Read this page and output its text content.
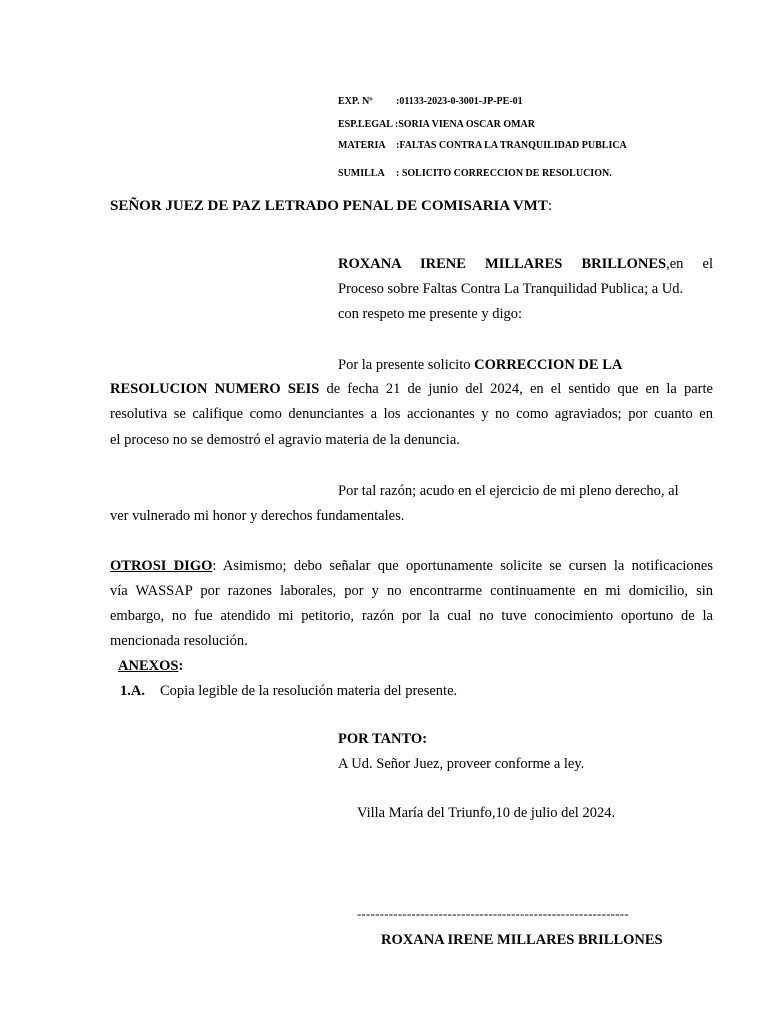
EXP. Nº :01133-2023-0-3001-JP-PE-01
ESP.LEGAL :SORIA VIENA OSCAR OMAR
MATERIA :FALTAS CONTRA LA TRANQUILIDAD PUBLICA
SUMILLA : SOLICITO CORRECCION DE RESOLUCION.
SEÑOR JUEZ DE PAZ LETRADO PENAL DE COMISARIA VMT:
ROXANA IRENE MILLARES BRILLONES,en el
Proceso sobre Faltas Contra La Tranquilidad Publica; a Ud.
con respeto me presente y digo:
Por la presente solicito CORRECCION DE LA
RESOLUCION NUMERO SEIS de fecha 21 de junio del 2024, en el sentido que en la parte
resolutiva se califique como denunciantes a los accionantes y no como agraviados; por cuanto en
el proceso no se demostró el agravio materia de la denuncia.
Por tal razón; acudo en el ejercicio de mi pleno derecho, al
ver vulnerado mi honor y derechos fundamentales.
OTROSI DIGO: Asimismo; debo señalar que oportunamente solicite se cursen la notificaciones
vía WASSAP por razones laborales, por y no encontrarme continuamente en mi domicilio, sin
embargo, no fue atendido mi petitorio, razón por la cual no tuve conocimiento oportuno de la
mencionada resolución.
ANEXOS:
1.A. Copia legible de la resolución materia del presente.
POR TANTO:
A Ud. Señor Juez, proveer conforme a ley.
Villa María del Triunfo,10 de julio del 2024.
------------------------------------------------------------
ROXANA IRENE MILLARES BRILLONES
